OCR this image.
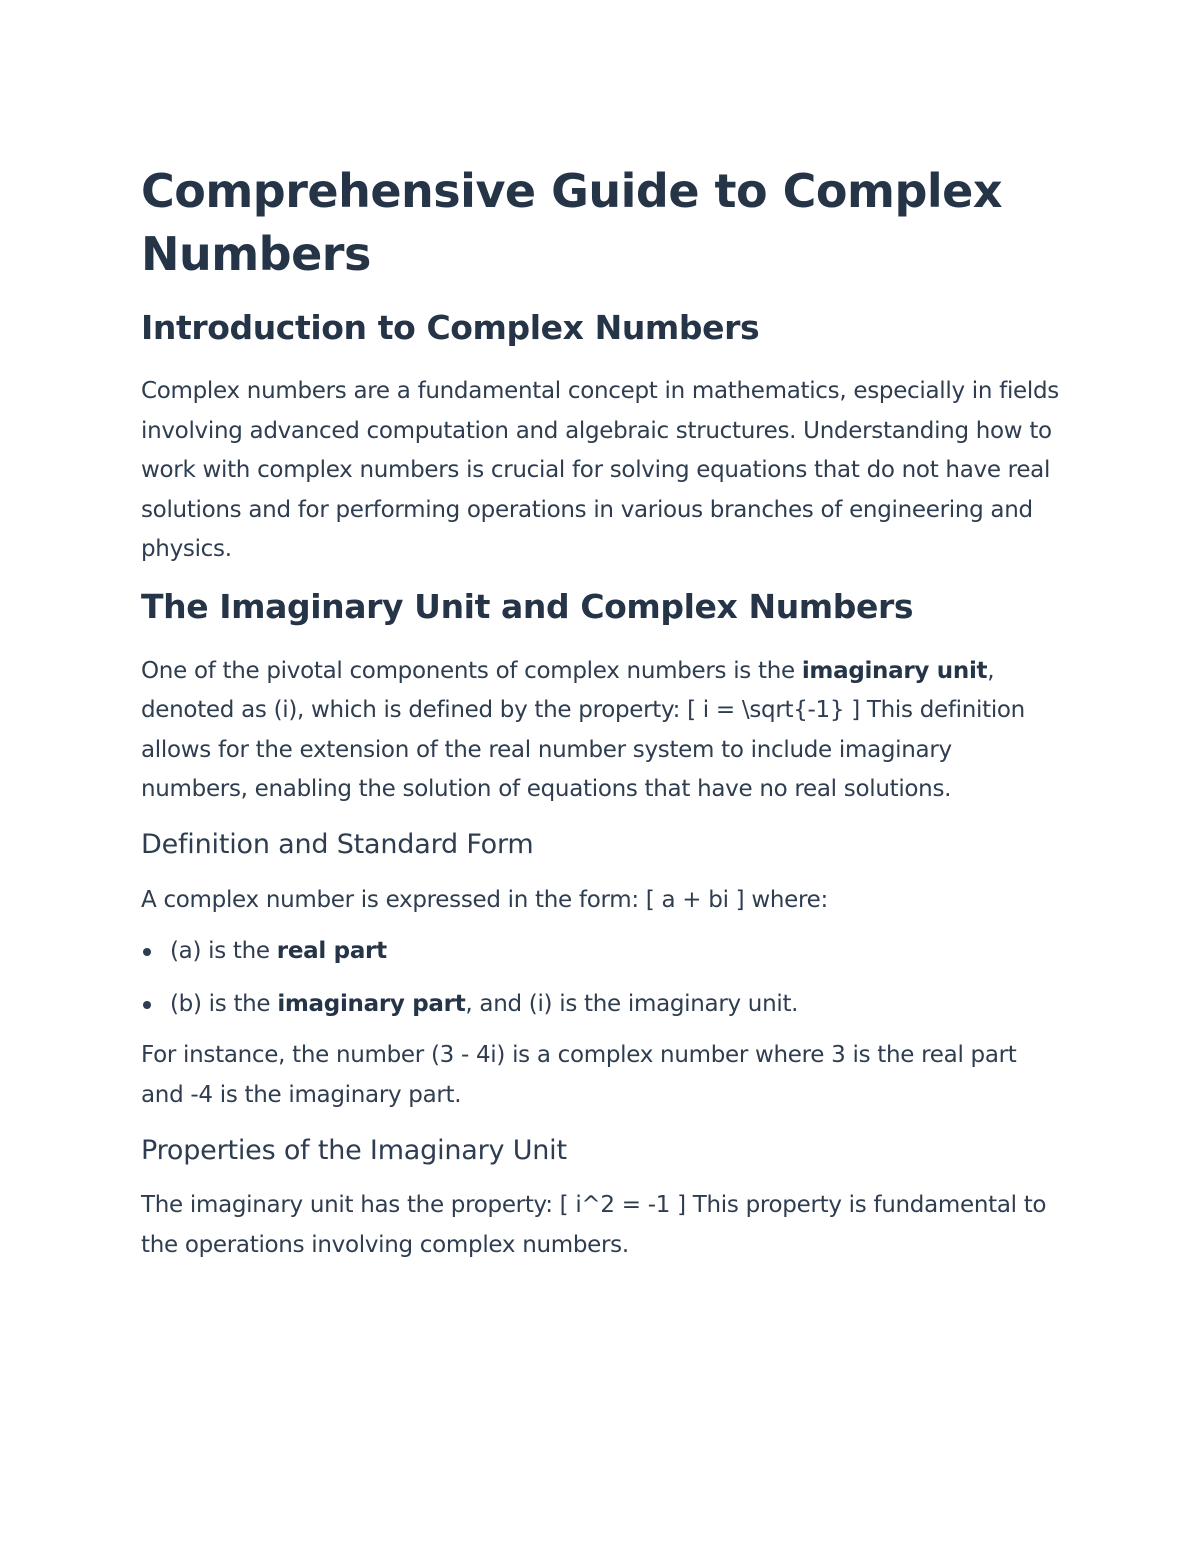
Comprehensive Guide to Complex Numbers
Introduction to Complex Numbers

Complex numbers are a fundamental concept in mathematics, especially in fields involving advanced computation and algebraic structures. Understanding how to work with complex numbers is crucial for solving equations that do not have real solutions and for performing operations in various branches of engineering and physics.

The Imaginary Unit and Complex Numbers

One of the pivotal components of complex numbers is the imaginary unit, denoted as (i), which is defined by the property: [ i = \sqrt{-1} ] This definition allows for the extension of the real number system to include imaginary numbers, enabling the solution of equations that have no real solutions.

Definition and Standard Form

A complex number is expressed in the form: [ a + bi ] where:

(a) is the real part
(b) is the imaginary part, and (i) is the imaginary unit.

For instance, the number (3 - 4i) is a complex number where 3 is the real part and -4 is the imaginary part.

Properties of the Imaginary Unit

The imaginary unit has the property: [ i^2 = -1 ] This property is fundamental to the operations involving complex numbers.
